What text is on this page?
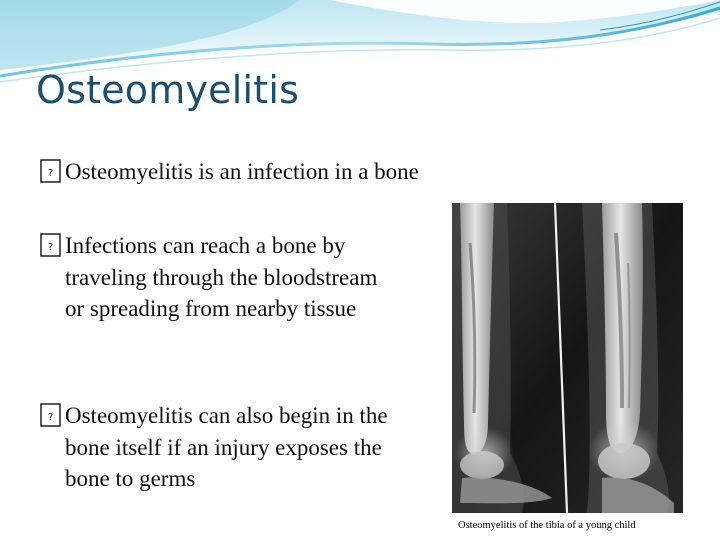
Osteomyelitis

? Osteomyelitis is an infection in a bone

? Infections can reach a bone by traveling through the bloodstream or spreading from nearby tissue

? Osteomyelitis can also begin in the bone itself if an injury exposes the bone to germs

Osteomyelitis of the tibia of a young child
